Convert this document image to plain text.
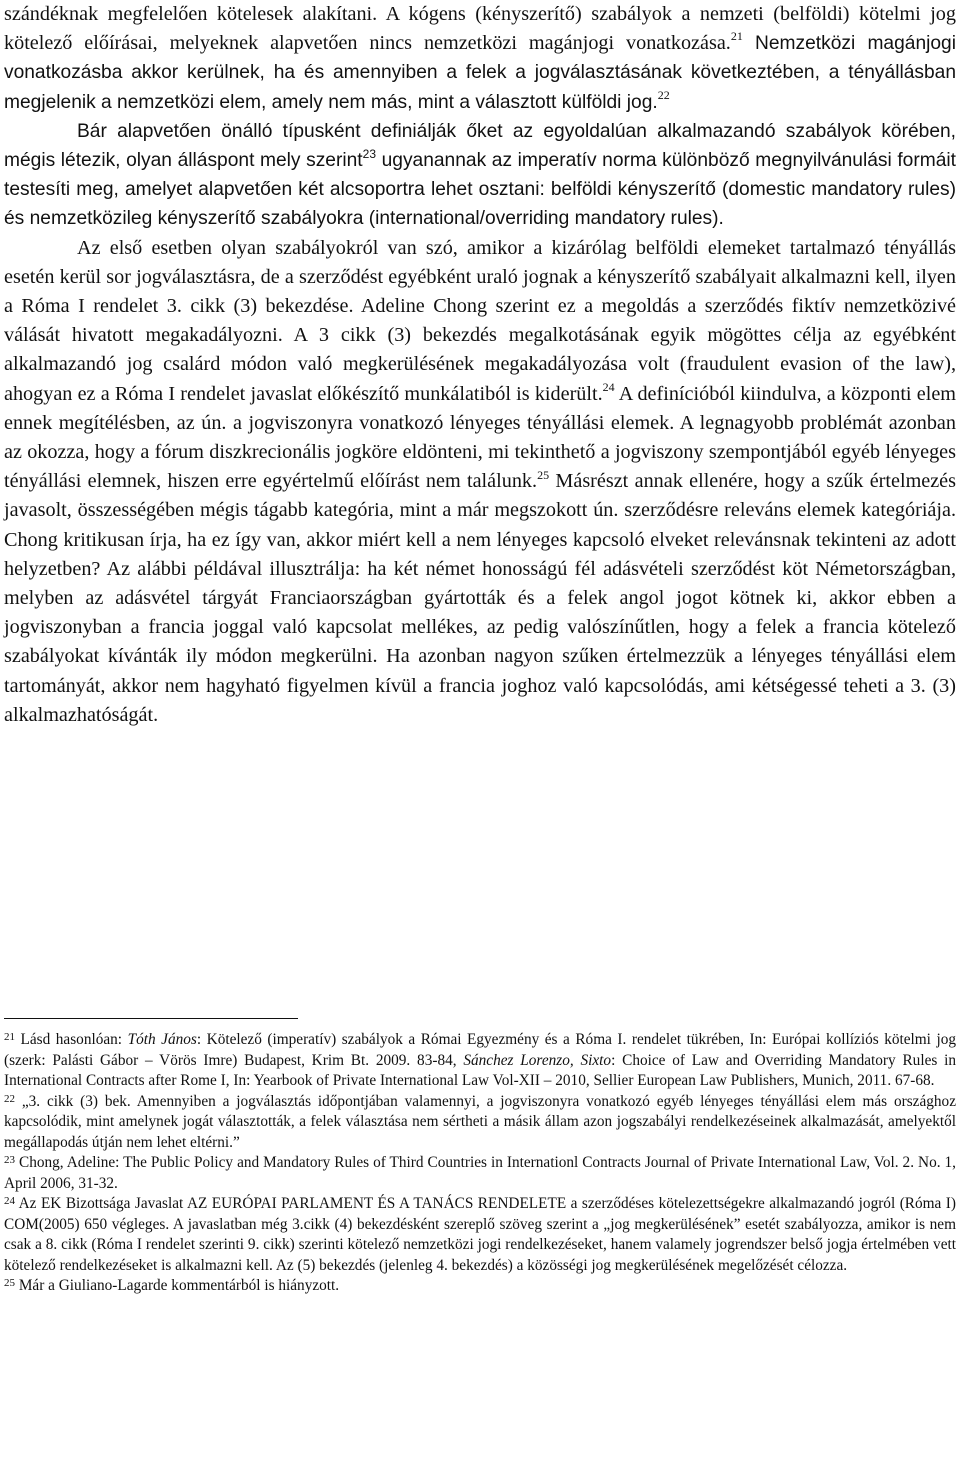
szándéknak megfelelően kötelesek alakítani. A kógens (kényszerítő) szabályok a nemzeti (belföldi) kötelmi jog kötelező előírásai, melyeknek alapvetően nincs nemzetközi magánjogi vonatkozása.$^{21}$ Nemzetközi magánjogi vonatkozásba akkor kerülnek, ha és amennyiben a felek a jogválasztásának következtében, a tényállásban megjelenik a nemzetközi elem, amely nem más, mint a választott külföldi jog.$^{22}$

Bár alapvetően önálló típusként definiálják őket az egyoldalúan alkalmazandó szabályok körében, mégis létezik, olyan álláspont mely szerint$^{23}$ ugyanannak az imperatív norma különböző megnyilvánulási formáit testesíti meg, amelyet alapvetően két alcsoportra lehet osztani: belföldi kényszerítő (domestic mandatory rules) és nemzetközileg kényszerítő szabályokra (international/overriding mandatory rules).

Az első esetben olyan szabályokról van szó, amikor a kizárólag belföldi elemeket tartalmazó tényállás esetén kerül sor jogválasztásra, de a szerződést egyébként uraló jognak a kényszerítő szabályait alkalmazni kell, ilyen a Róma I rendelet 3. cikk (3) bekezdése. Adeline Chong szerint ez a megoldás a szerződés fiktív nemzetközivé válását hivatott megakadályozni. A 3 cikk (3) bekezdés megalkotásának egyik mögöttes célja az egyébként alkalmazandó jog csalárd módon való megkerülésének megakadályozása volt (fraudulent evasion of the law), ahogyan ez a Róma I rendelet javaslat előkészítő munkálatiból is kiderült.$^{24}$ A definícióból kiindulva, a központi elem ennek megítélésben, az ún. a jogviszonyra vonatkozó lényeges tényállási elemek. A legnagyobb problémát azonban az okozza, hogy a fórum diszkrecionális jogköre eldönteni, mi tekinthető a jogviszony szempontjából egyéb lényeges tényállási elemnek, hiszen erre egyértelmű előírást nem találunk.$^{25}$ Másrészt annak ellenére, hogy a szűk értelmezés javasolt, összességében mégis tágabb kategória, mint a már megszokott ún. szerződésre releváns elemek kategóriája. Chong kritikusan írja, ha ez így van, akkor miért kell a nem lényeges kapcsoló elveket relevánsnak tekinteni az adott helyzetben? Az alábbi példával illusztrálja: ha két német honosságú fél adásvételi szerződést köt Németországban, melyben az adásvétel tárgyát Franciaországban gyártották és a felek angol jogot kötnek ki, akkor ebben a jogviszonyban a francia joggal való kapcsolat mellékes, az pedig valószínűtlen, hogy a felek a francia kötelező szabályokat kívánták ily módon megkerülni. Ha azonban nagyon szűken értelmezzük a lényeges tényállási elem tartományát, akkor nem hagyható figyelmen kívül a francia joghoz való kapcsolódás, ami kétségessé teheti a 3. (3) alkalmazhatóságát.

$^{21}$ Lásd hasonlóan: Tóth János: Kötelező (imperatív) szabályok a Római Egyezmény és a Róma I. rendelet tükrében, In: Európai kollíziós kötelmi jog (szerk: Palásti Gábor – Vörös Imre) Budapest, Krim Bt. 2009. 83-84, Sánchez Lorenzo, Sixto: Choice of Law and Overriding Mandatory Rules in International Contracts after Rome I, In: Yearbook of Private International Law Vol-XII – 2010, Sellier European Law Publishers, Munich, 2011. 67-68.

$^{22}$ „3. cikk (3) bek. Amennyiben a jogválasztás időpontjában valamennyi, a jogviszonyra vonatkozó egyéb lényeges tényállási elem más országhoz kapcsolódik, mint amelynek jogát választották, a felek választása nem sértheti a másik állam azon jogszabályi rendelkezéseinek alkalmazását, amelyektől megállapodás útján nem lehet eltérni.”

$^{23}$ Chong, Adeline: The Public Policy and Mandatory Rules of Third Countries in Internationl Contracts Journal of Private International Law, Vol. 2. No. 1, April 2006, 31-32.

$^{24}$ Az EK Bizottsága Javaslat AZ EURÓPAI PARLAMENT ÉS A TANÁCS RENDELETE a szerződéses kötelezettségekre alkalmazandó jogról (Róma I) COM(2005) 650 végleges. A javaslatban még 3.cikk (4) bekezdésként szereplő szöveg szerint a „jog megkerülésének” esetét szabályozza, amikor is nem csak a 8. cikk (Róma I rendelet szerinti 9. cikk) szerinti kötelező nemzetközi jogi rendelkezéseket, hanem valamely jogrendszer belső jogja értelmében vett kötelező rendelkezéseket is alkalmazni kell. Az (5) bekezdés (jelenleg 4. bekezdés) a közösségi jog megkerülésének megelőzését célozza.

$^{25}$ Már a Giuliano-Lagarde kommentárból is hiányzott.
